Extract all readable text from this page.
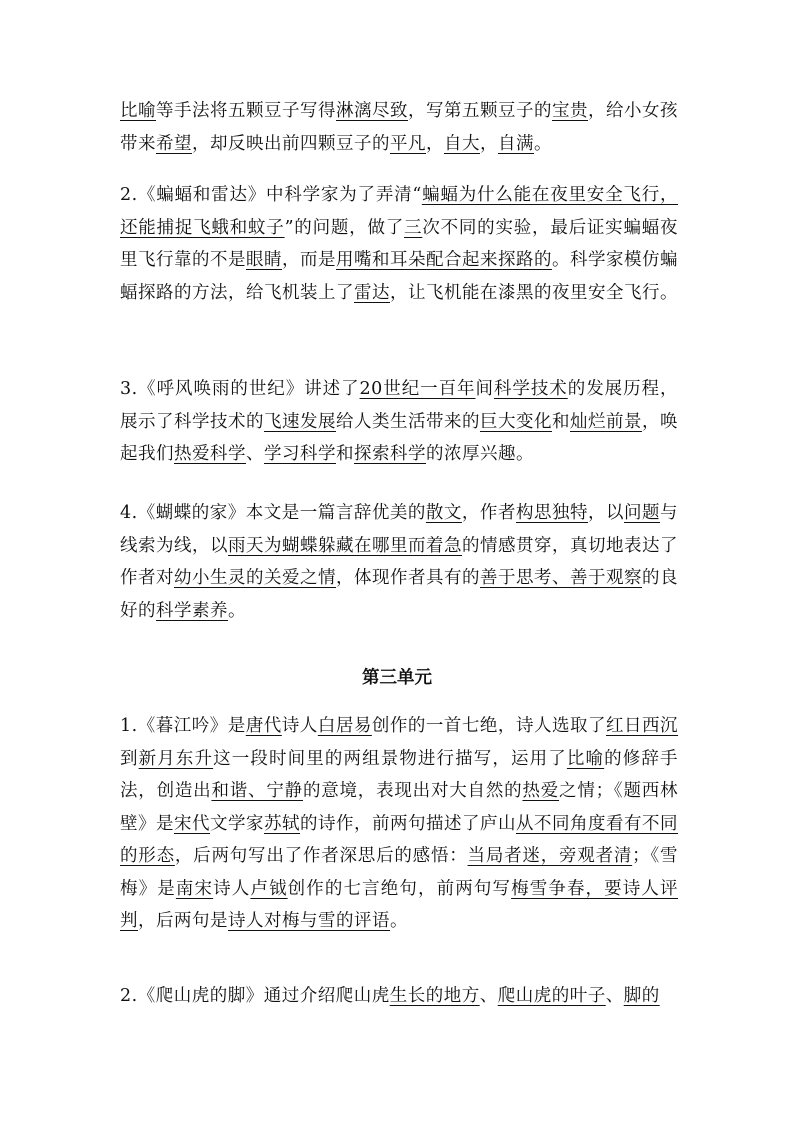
比喻等手法将五颗豆子写得淋漓尽致，写第五颗豆子的宝贵，给小女孩带来希望，却反映出前四颗豆子的平凡，自大，自满。

2.《蝙蝠和雷达》中科学家为了弄清“蝙蝠为什么能在夜里安全飞行，还能捕捉飞蛾和蚊子”的问题，做了三次不同的实验，最后证实蝙蝠夜里飞行靠的不是眼睛，而是用嘴和耳朵配合起来探路的。科学家模仿蝙蝠探路的方法，给飞机装上了雷达，让飞机能在漆黑的夜里安全飞行。

3.《呼风唤雨的世纪》讲述了20世纪一百年间科学技术的发展历程，展示了科学技术的飞速发展给人类生活带来的巨大变化和灿烂前景，唤起我们热爱科学、学习科学和探索科学的浓厚兴趣。

4.《蝴蝶的家》本文是一篇言辞优美的散文，作者构思独特，以问题与线索为线，以雨天为蝴蝶躲藏在哪里而着急的情感贯穿，真切地表达了作者对幼小生灵的关爱之情，体现作者具有的善于思考、善于观察的良好的科学素养。

第三单元

1.《暮江吟》是唐代诗人白居易创作的一首七绝，诗人选取了红日西沉到新月东升这一段时间里的两组景物进行描写，运用了比喻的修辞手法，创造出和谐、宁静的意境，表现出对大自然的热爱之情；《题西林壁》是宋代文学家苏轼的诗作，前两句描述了庐山从不同角度看有不同的形态，后两句写出了作者深思后的感悟：当局者迷，旁观者清；《雪梅》是南宋诗人卢钺创作的七言绝句，前两句写梅雪争春，要诗人评判，后两句是诗人对梅与雪的评语。

2.《爬山虎的脚》通过介绍爬山虎生长的地方、爬山虎的叶子、脚的
